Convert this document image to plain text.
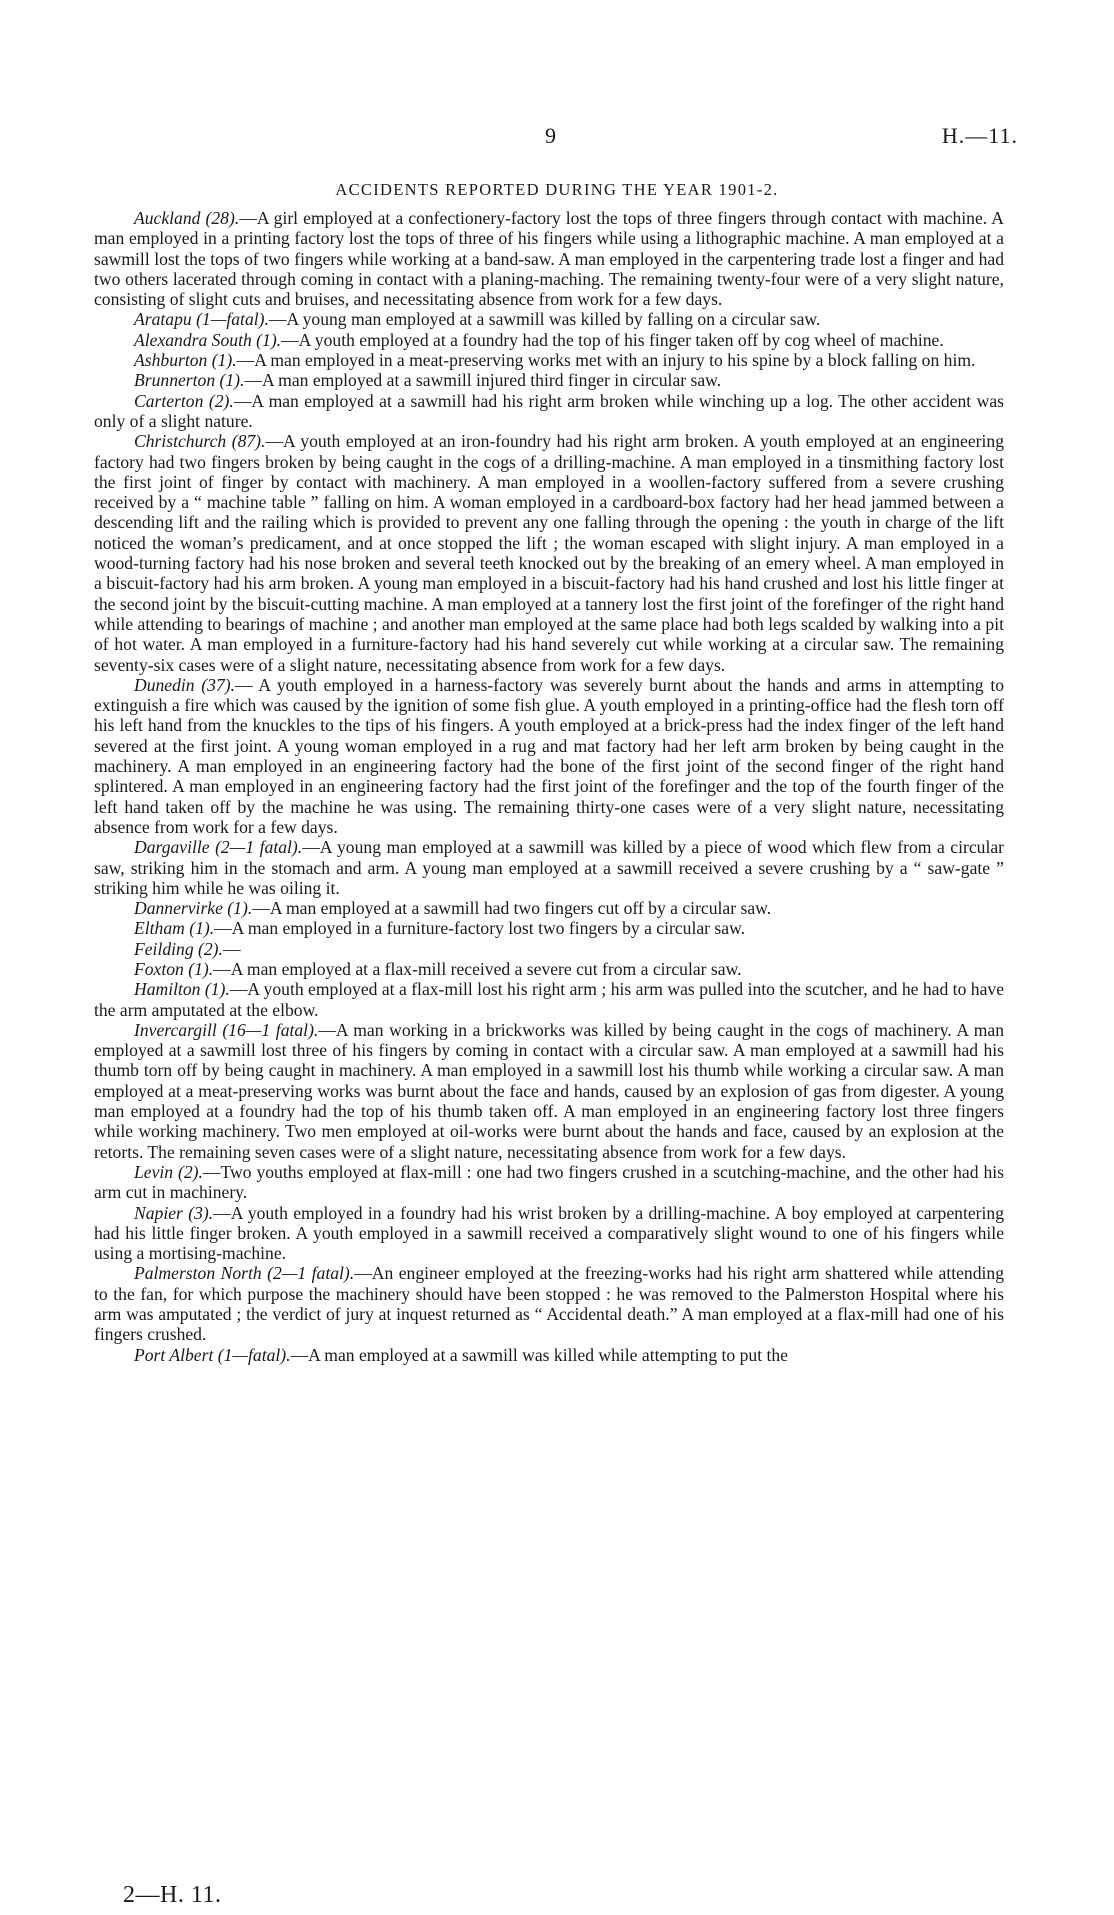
9	H.—11.
ACCIDENTS REPORTED DURING THE YEAR 1901-2.

Auckland (28).—A girl employed at a confectionery-factory lost the tops of three fingers through contact with machine. A man employed in a printing factory lost the tops of three of his fingers while using a lithographic machine. A man employed at a sawmill lost the tops of two fingers while working at a band-saw. A man employed in the carpentering trade lost a finger and had two others lacerated through coming in contact with a planing-maching. The remaining twenty-four were of a very slight nature, consisting of slight cuts and bruises, and necessitating absence from work for a few days.

Aratapu (1—fatal).—A young man employed at a sawmill was killed by falling on a circular saw.

Alexandra South (1).—A youth employed at a foundry had the top of his finger taken off by cog wheel of machine.

Ashburton (1).—A man employed in a meat-preserving works met with an injury to his spine by a block falling on him.

Brunnerton (1).—A man employed at a sawmill injured third finger in circular saw.

Carterton (2).—A man employed at a sawmill had his right arm broken while winching up a log. The other accident was only of a slight nature.

Christchurch (87).—A youth employed at an iron-foundry had his right arm broken. A youth employed at an engineering factory had two fingers broken by being caught in the cogs of a drilling-machine. A man employed in a tinsmithing factory lost the first joint of finger by contact with machinery. A man employed in a woollen-factory suffered from a severe crushing received by a “ machine table ” falling on him. A woman employed in a cardboard-box factory had her head jammed between a descending lift and the railing which is provided to prevent any one falling through the opening : the youth in charge of the lift noticed the woman’s predicament, and at once stopped the lift ; the woman escaped with slight injury. A man employed in a wood-turning factory had his nose broken and several teeth knocked out by the breaking of an emery wheel. A man employed in a biscuit-factory had his arm broken. A young man employed in a biscuit-factory had his hand crushed and lost his little finger at the second joint by the biscuit-cutting machine. A man employed at a tannery lost the first joint of the forefinger of the right hand while attending to bearings of machine ; and another man employed at the same place had both legs scalded by walking into a pit of hot water. A man employed in a furniture-factory had his hand severely cut while working at a circular saw. The remaining seventy-six cases were of a slight nature, necessitating absence from work for a few days.

Dunedin (37).— A youth employed in a harness-factory was severely burnt about the hands and arms in attempting to extinguish a fire which was caused by the ignition of some fish glue. A youth employed in a printing-office had the flesh torn off his left hand from the knuckles to the tips of his fingers. A youth employed at a brick-press had the index finger of the left hand severed at the first joint. A young woman employed in a rug and mat factory had her left arm broken by being caught in the machinery. A man employed in an engineering factory had the bone of the first joint of the second finger of the right hand splintered. A man employed in an engineering factory had the first joint of the forefinger and the top of the fourth finger of the left hand taken off by the machine he was using. The remaining thirty-one cases were of a very slight nature, necessitating absence from work for a few days.

Dargaville (2—1 fatal).—A young man employed at a sawmill was killed by a piece of wood which flew from a circular saw, striking him in the stomach and arm. A young man employed at a sawmill received a severe crushing by a “ saw-gate ” striking him while he was oiling it.

Dannervirke (1).—A man employed at a sawmill had two fingers cut off by a circular saw.

Eltham (1).—A man employed in a furniture-factory lost two fingers by a circular saw.

Feilding (2).—

Foxton (1).—A man employed at a flax-mill received a severe cut from a circular saw.

Hamilton (1).—A youth employed at a flax-mill lost his right arm ; his arm was pulled into the scutcher, and he had to have the arm amputated at the elbow.

Invercargill (16—1 fatal).—A man working in a brickworks was killed by being caught in the cogs of machinery. A man employed at a sawmill lost three of his fingers by coming in contact with a circular saw. A man employed at a sawmill had his thumb torn off by being caught in machinery. A man employed in a sawmill lost his thumb while working a circular saw. A man employed at a meat-preserving works was burnt about the face and hands, caused by an explosion of gas from digester. A young man employed at a foundry had the top of his thumb taken off. A man employed in an engineering factory lost three fingers while working machinery. Two men employed at oil-works were burnt about the hands and face, caused by an explosion at the retorts. The remaining seven cases were of a slight nature, necessitating absence from work for a few days.

Levin (2).—Two youths employed at flax-mill : one had two fingers crushed in a scutching-machine, and the other had his arm cut in machinery.

Napier (3).—A youth employed in a foundry had his wrist broken by a drilling-machine. A boy employed at carpentering had his little finger broken. A youth employed in a sawmill received a comparatively slight wound to one of his fingers while using a mortising-machine.

Palmerston North (2—1 fatal).—An engineer employed at the freezing-works had his right arm shattered while attending to the fan, for which purpose the machinery should have been stopped : he was removed to the Palmerston Hospital where his arm was amputated ; the verdict of jury at inquest returned as “ Accidental death.” A man employed at a flax-mill had one of his fingers crushed.

Port Albert (1—fatal).—A man employed at a sawmill was killed while attempting to put the

2—H. 11.
